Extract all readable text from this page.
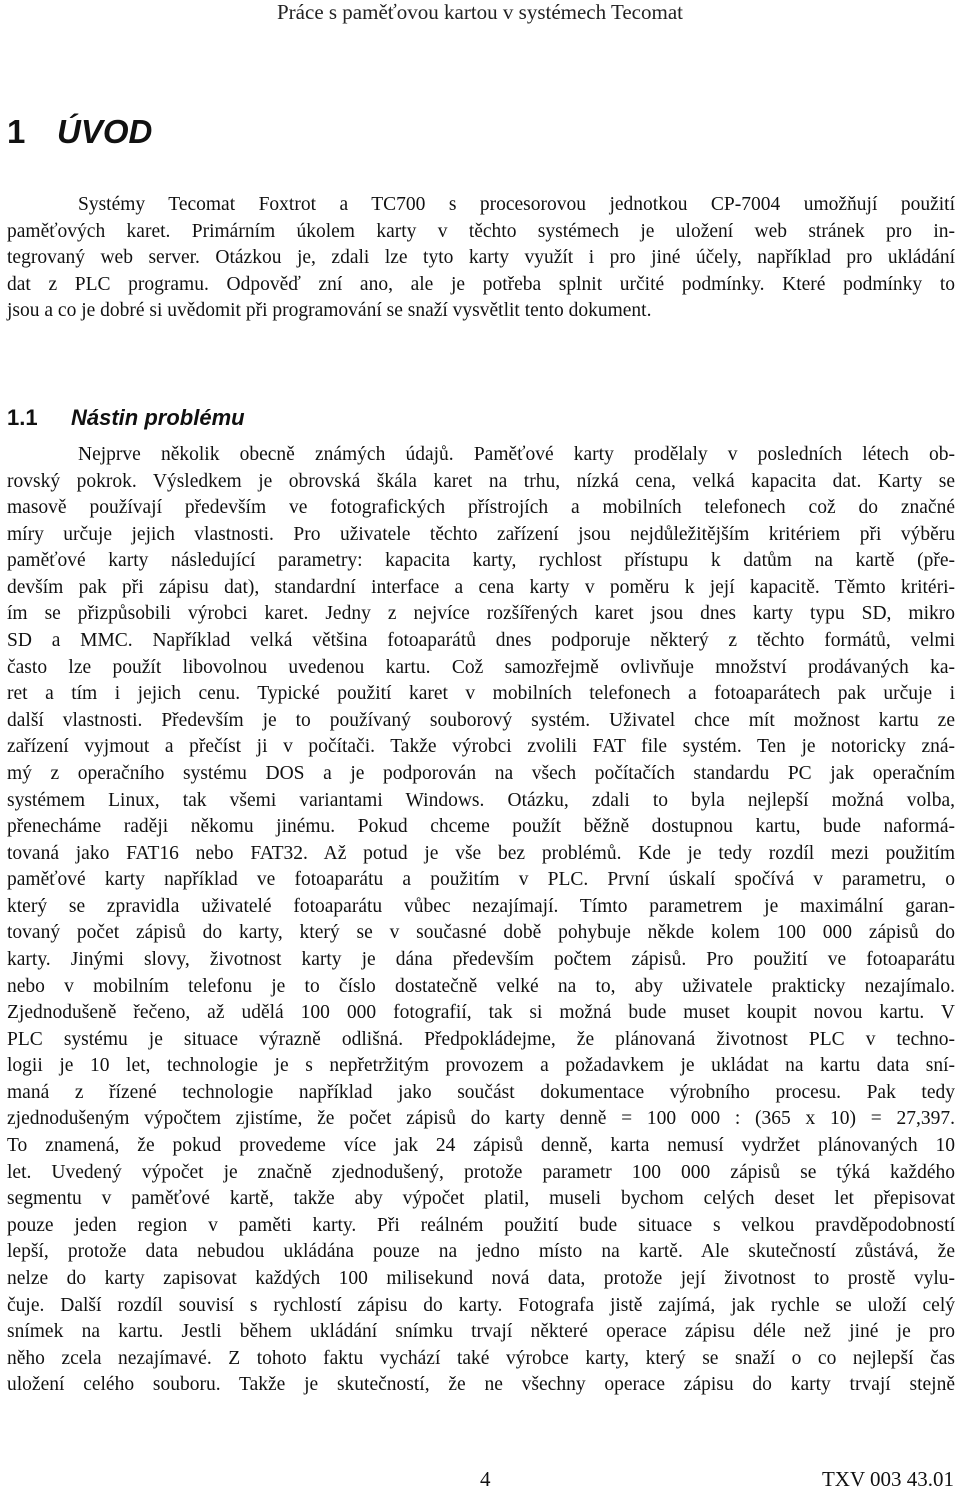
Práce s paměťovou kartou v systémech Tecomat
1 ÚVOD
Systémy Tecomat Foxtrot a TC700 s procesorovou jednotkou CP-7004 umožňují použití
paměťových karet. Primárním úkolem karty v těchto systémech je uložení web stránek pro in-
tegrovaný web server. Otázkou je, zdali lze tyto karty využít i pro jiné účely, například pro ukládání
dat z PLC programu. Odpověď zní ano, ale je potřeba splnit určité podmínky. Které podmínky to
jsou a co je dobré si uvědomit při programování se snaží vysvětlit tento dokument.
1.1 Nástin problému
Nejprve několik obecně známých údajů. Paměťové karty prodělaly v posledních létech ob-
rovský pokrok. Výsledkem je obrovská škála karet na trhu, nízká cena, velká kapacita dat. Karty se
masově používají především ve fotografických přístrojích a mobilních telefonech což do značné
míry určuje jejich vlastnosti. Pro uživatele těchto zařízení jsou nejdůležitějším kritériem při výběru
paměťové karty následující parametry: kapacita karty, rychlost přístupu k datům na kartě (pře-
devším pak při zápisu dat), standardní interface a cena karty v poměru k její kapacitě. Těmto kritéri-
ím se přizpůsobili výrobci karet. Jedny z nejvíce rozšířených karet jsou dnes karty typu SD, mikro
SD a MMC. Například velká většina fotoaparátů dnes podporuje některý z těchto formátů, velmi
často lze použít libovolnou uvedenou kartu. Což samozřejmě ovlivňuje množství prodávaných ka-
ret a tím i jejich cenu. Typické použití karet v mobilních telefonech a fotoaparátech pak určuje i
další vlastnosti. Především je to používaný souborový systém. Uživatel chce mít možnost kartu ze
zařízení vyjmout a přečíst ji v počítači. Takže výrobci zvolili FAT file systém. Ten je notoricky zná-
mý z operačního systému DOS a je podporován na všech počítačích standardu PC jak operačním
systémem Linux, tak všemi variantami Windows. Otázku, zdali to byla nejlepší možná volba,
přenecháme raději někomu jinému. Pokud chceme použít běžně dostupnou kartu, bude naformá-
tovaná jako FAT16 nebo FAT32. Až potud je vše bez problémů. Kde je tedy rozdíl mezi použitím
paměťové karty například ve fotoaparátu a použitím v PLC. První úskalí spočívá v parametru, o
který se zpravidla uživatelé fotoaparátu vůbec nezajímají. Tímto parametrem je maximální garan-
tovaný počet zápisů do karty, který se v současné době pohybuje někde kolem 100 000 zápisů do
karty. Jinými slovy, životnost karty je dána především počtem zápisů. Pro použití ve fotoaparátu
nebo v mobilním telefonu je to číslo dostatečně velké na to, aby uživatele prakticky nezajímalo.
Zjednodušeně řečeno, až udělá 100 000 fotografií, tak si možná bude muset koupit novou kartu. V
PLC systému je situace výrazně odlišná. Předpokládejme, že plánovaná životnost PLC v techno-
logii je 10 let, technologie je s nepřetržitým provozem a požadavkem je ukládat na kartu data sní-
maná z řízené technologie například jako součást dokumentace výrobního procesu. Pak tedy
zjednodušeným výpočtem zjistíme, že počet zápisů do karty denně = 100 000 : (365 x 10) = 27,397.
To znamená, že pokud provedeme více jak 24 zápisů denně, karta nemusí vydržet plánovaných 10
let. Uvedený výpočet je značně zjednodušený, protože parametr 100 000 zápisů se týká každého
segmentu v paměťové kartě, takže aby výpočet platil, museli bychom celých deset let přepisovat
pouze jeden region v paměti karty. Při reálném použití bude situace s velkou pravděpodobností
lepší, protože data nebudou ukládána pouze na jedno místo na kartě. Ale skutečností zůstává, že
nelze do karty zapisovat každých 100 milisekund nová data, protože její životnost to prostě vylu-
čuje. Další rozdíl souvisí s rychlostí zápisu do karty. Fotografa jistě zajímá, jak rychle se uloží celý
snímek na kartu. Jestli během ukládání snímku trvají některé operace zápisu déle než jiné je pro
něho zcela nezajímavé. Z tohoto faktu vychází také výrobce karty, který se snaží o co nejlepší čas
uložení celého souboru. Takže je skutečností, že ne všechny operace zápisu do karty trvají stejně
4	TXV 003 43.01
